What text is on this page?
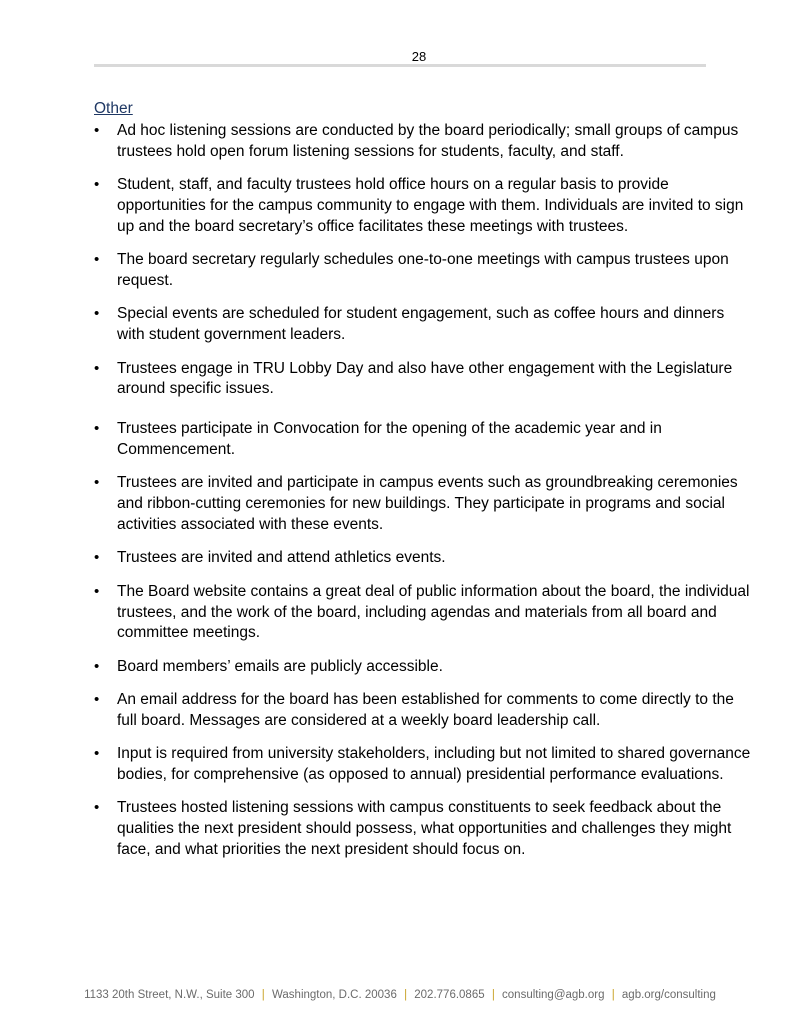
28
Other
•	Ad hoc listening sessions are conducted by the board periodically; small groups of campus trustees hold open forum listening sessions for students, faculty, and staff.
•	Student, staff, and faculty trustees hold office hours on a regular basis to provide opportunities for the campus community to engage with them. Individuals are invited to sign up and the board secretary’s office facilitates these meetings with trustees.
•	The board secretary regularly schedules one-to-one meetings with campus trustees upon request.
•	Special events are scheduled for student engagement, such as coffee hours and dinners with student government leaders.
•	Trustees engage in TRU Lobby Day and also have other engagement with the Legislature around specific issues.
•	Trustees participate in Convocation for the opening of the academic year and in Commencement.
•	Trustees are invited and participate in campus events such as groundbreaking ceremonies and ribbon-cutting ceremonies for new buildings. They participate in programs and social activities associated with these events.
•	Trustees are invited and attend athletics events.
•	The Board website contains a great deal of public information about the board, the individual trustees, and the work of the board, including agendas and materials from all board and committee meetings.
•	Board members’ emails are publicly accessible.
•	An email address for the board has been established for comments to come directly to the full board. Messages are considered at a weekly board leadership call.
•	Input is required from university stakeholders, including but not limited to shared governance bodies, for comprehensive (as opposed to annual) presidential performance evaluations.
•	Trustees hosted listening sessions with campus constituents to seek feedback about the qualities the next president should possess, what opportunities and challenges they might face, and what priorities the next president should focus on.
1133 20th Street, N.W., Suite 300 | Washington, D.C. 20036 | 202.776.0865 | consulting@agb.org | agb.org/consulting
